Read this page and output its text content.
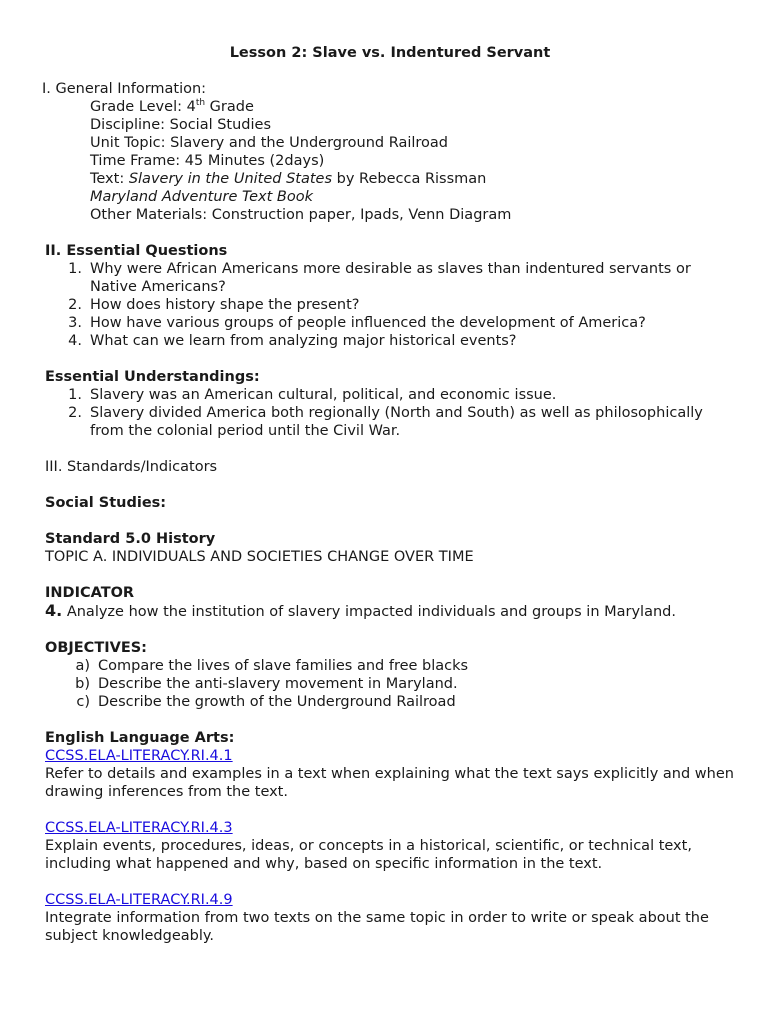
Lesson 2: Slave vs. Indentured Servant
I. General Information:
Grade Level: 4th Grade
Discipline: Social Studies
Unit Topic: Slavery and the Underground Railroad
Time Frame: 45 Minutes (2days)
Text: Slavery in the United States by Rebecca Rissman
Maryland Adventure Text Book
Other Materials: Construction paper, Ipads, Venn Diagram
II. Essential Questions
1. Why were African Americans more desirable as slaves than indentured servants or Native Americans?
2. How does history shape the present?
3. How have various groups of people influenced the development of America?
4. What can we learn from analyzing major historical events?
Essential Understandings:
1. Slavery was an American cultural, political, and economic issue.
2. Slavery divided America both regionally (North and South) as well as philosophically from the colonial period until the Civil War.
III. Standards/Indicators
Social Studies:
Standard 5.0 History
TOPIC A. INDIVIDUALS AND SOCIETIES CHANGE OVER TIME
INDICATOR
4. Analyze how the institution of slavery impacted individuals and groups in Maryland.
OBJECTIVES:
a) Compare the lives of slave families and free blacks
b) Describe the anti-slavery movement in Maryland.
c) Describe the growth of the Underground Railroad
English Language Arts:
CCSS.ELA-LITERACY.RI.4.1
Refer to details and examples in a text when explaining what the text says explicitly and when drawing inferences from the text.
CCSS.ELA-LITERACY.RI.4.3
Explain events, procedures, ideas, or concepts in a historical, scientific, or technical text, including what happened and why, based on specific information in the text.
CCSS.ELA-LITERACY.RI.4.9
Integrate information from two texts on the same topic in order to write or speak about the subject knowledgeably.
